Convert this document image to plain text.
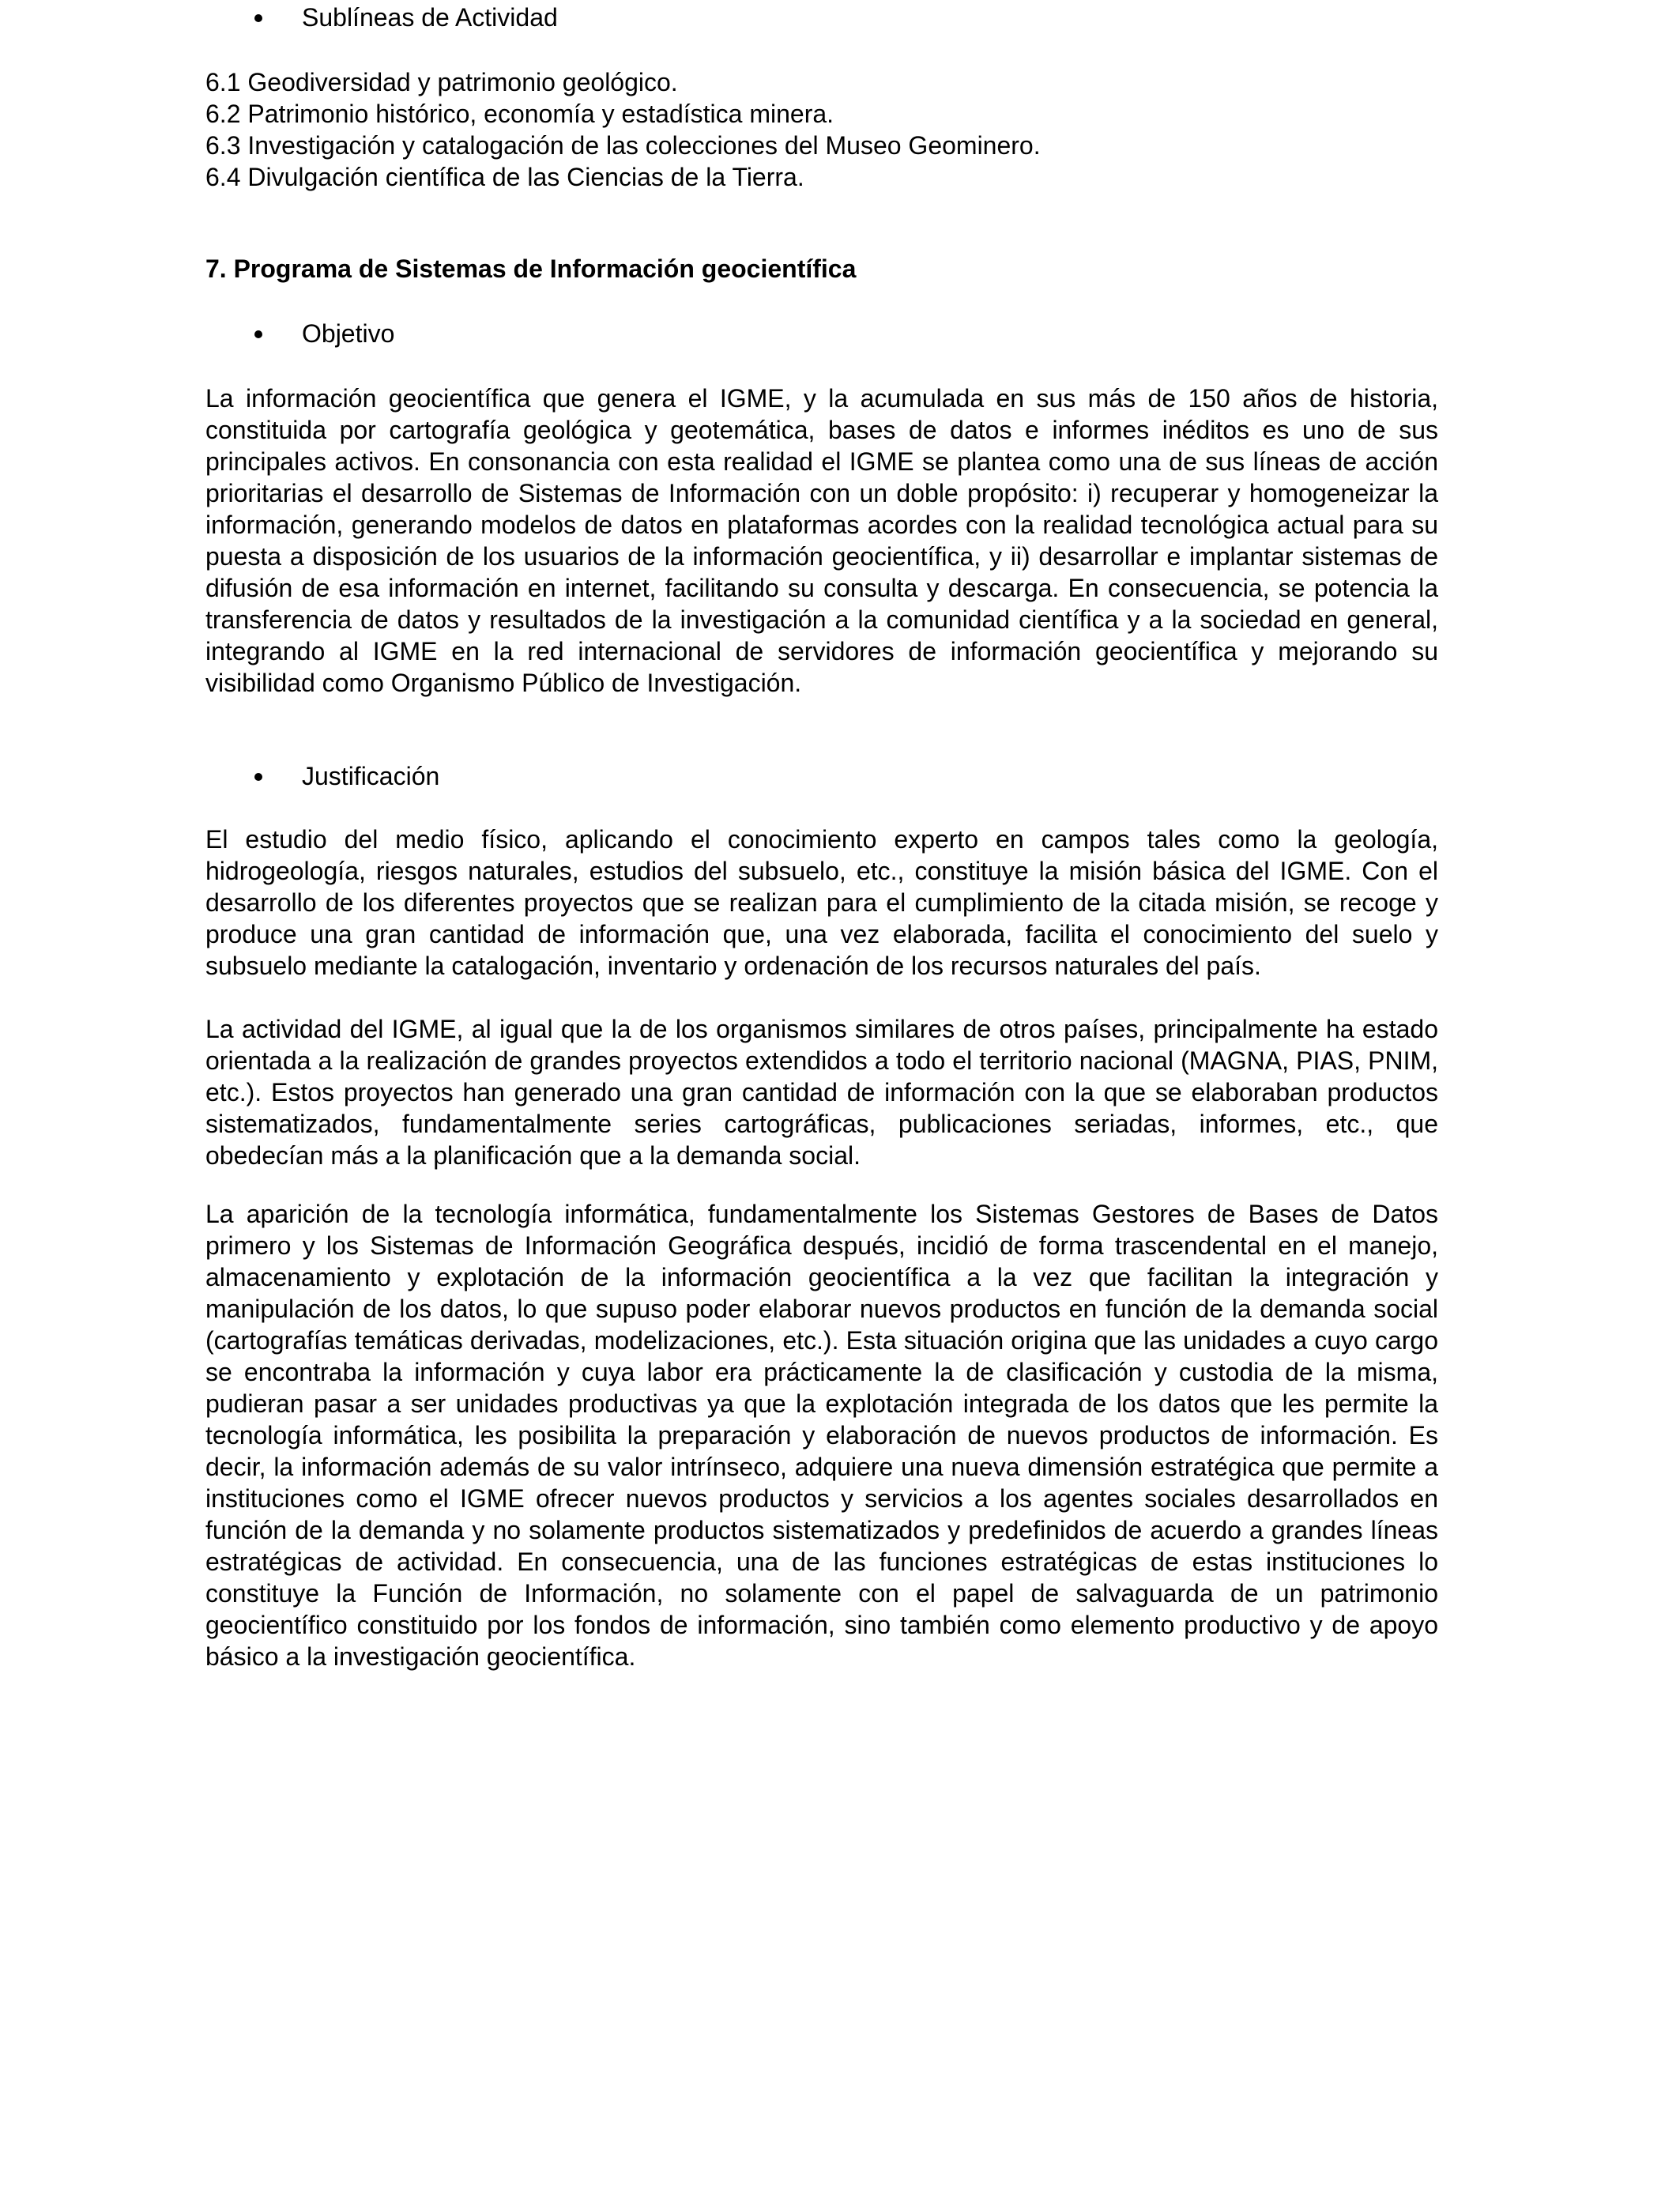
Sublíneas de Actividad
6.1 Geodiversidad y patrimonio geológico.
6.2 Patrimonio histórico, economía y estadística minera.
6.3 Investigación y catalogación de las colecciones del Museo Geominero.
6.4 Divulgación científica de las Ciencias de la Tierra.
7. Programa de Sistemas de Información geocientífica
Objetivo

La información geocientífica que genera el IGME, y la acumulada en sus más de 150 años de historia, constituida por cartografía geológica y geotemática, bases de datos e informes inéditos es uno de sus principales activos. En consonancia con esta realidad el IGME se plantea como una de sus líneas de acción prioritarias el desarrollo de Sistemas de Información con un doble propósito: i) recuperar y homogeneizar la información, generando modelos de datos en plataformas acordes con la realidad tecnológica actual para su puesta a disposición de los usuarios de la información geocientífica, y ii) desarrollar e implantar sistemas de difusión de esa información en internet, facilitando su consulta y descarga. En consecuencia, se potencia la transferencia de datos y resultados de la investigación a la comunidad científica y a la sociedad en general, integrando al IGME en la red internacional de servidores de información geocientífica y mejorando su visibilidad como Organismo Público de Investigación.

Justificación

El estudio del medio físico, aplicando el conocimiento experto en campos tales como la geología, hidrogeología, riesgos naturales, estudios del subsuelo, etc., constituye la misión básica del IGME. Con el desarrollo de los diferentes proyectos que se realizan para el cumplimiento de la citada misión, se recoge y produce una gran cantidad de información que, una vez elaborada, facilita el conocimiento del suelo y subsuelo mediante la catalogación, inventario y ordenación de los recursos naturales del país.

La actividad del IGME, al igual que la de los organismos similares de otros países, principalmente ha estado orientada a la realización de grandes proyectos extendidos a todo el territorio nacional (MAGNA, PIAS, PNIM, etc.). Estos proyectos han generado una gran cantidad de información con la que se elaboraban productos sistematizados, fundamentalmente series cartográficas, publicaciones seriadas, informes, etc., que obedecían más a la planificación que a la demanda social.

La aparición de la tecnología informática, fundamentalmente los Sistemas Gestores de Bases de Datos primero y los Sistemas de Información Geográfica después, incidió de forma trascendental en el manejo, almacenamiento y explotación de la información geocientífica a la vez que facilitan la integración y manipulación de los datos, lo que supuso poder elaborar nuevos productos en función de la demanda social (cartografías temáticas derivadas, modelizaciones, etc.). Esta situación origina que las unidades a cuyo cargo se encontraba la información y cuya labor era prácticamente la de clasificación y custodia de la misma, pudieran pasar a ser unidades productivas ya que la explotación integrada de los datos que les permite la tecnología informática, les posibilita la preparación y elaboración de nuevos productos de información. Es decir, la información además de su valor intrínseco, adquiere una nueva dimensión estratégica que permite a instituciones como el IGME ofrecer nuevos productos y servicios a los agentes sociales desarrollados en función de la demanda y no solamente productos sistematizados y predefinidos de acuerdo a grandes líneas estratégicas de actividad. En consecuencia, una de las funciones estratégicas de estas instituciones lo constituye la Función de Información, no solamente con el papel de salvaguarda de un patrimonio geocientífico constituido por los fondos de información, sino también como elemento productivo y de apoyo básico a la investigación geocientífica.
